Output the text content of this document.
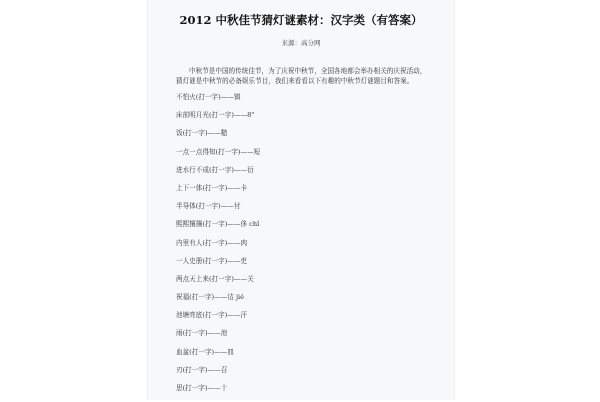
2012 中秋佳节猜灯谜素材：汉字类（有答案）
来源：高分网

中秋节是中国的传统佳节，为了庆祝中秋节，全国各地都会举办相关的庆祝活动，猜灯谜是中秋节的必备娱乐节目，我们来看看以下有趣的中秋节灯谜题目和答案。

不怕火(打一字)——镇
床前明月光(打一字)——8"
饭(打一字)——糙
一点一点得知(打一字)——短
进水行不成(打一字)——衍
上下一体(打一字)——卡
半导体(打一字)——付
熙熙攘攘(打一字)——侈 chǐ
内里有人(打一字)——肉
一人史册(打一字)——吏
两点天上来(打一字)——关
祝福(打一字)——诘 jié
池塘亮底(打一字)——汗
雨(打一字)——池
血盆(打一字)——皿
刃(打一字)——召
思(打一字)——十
